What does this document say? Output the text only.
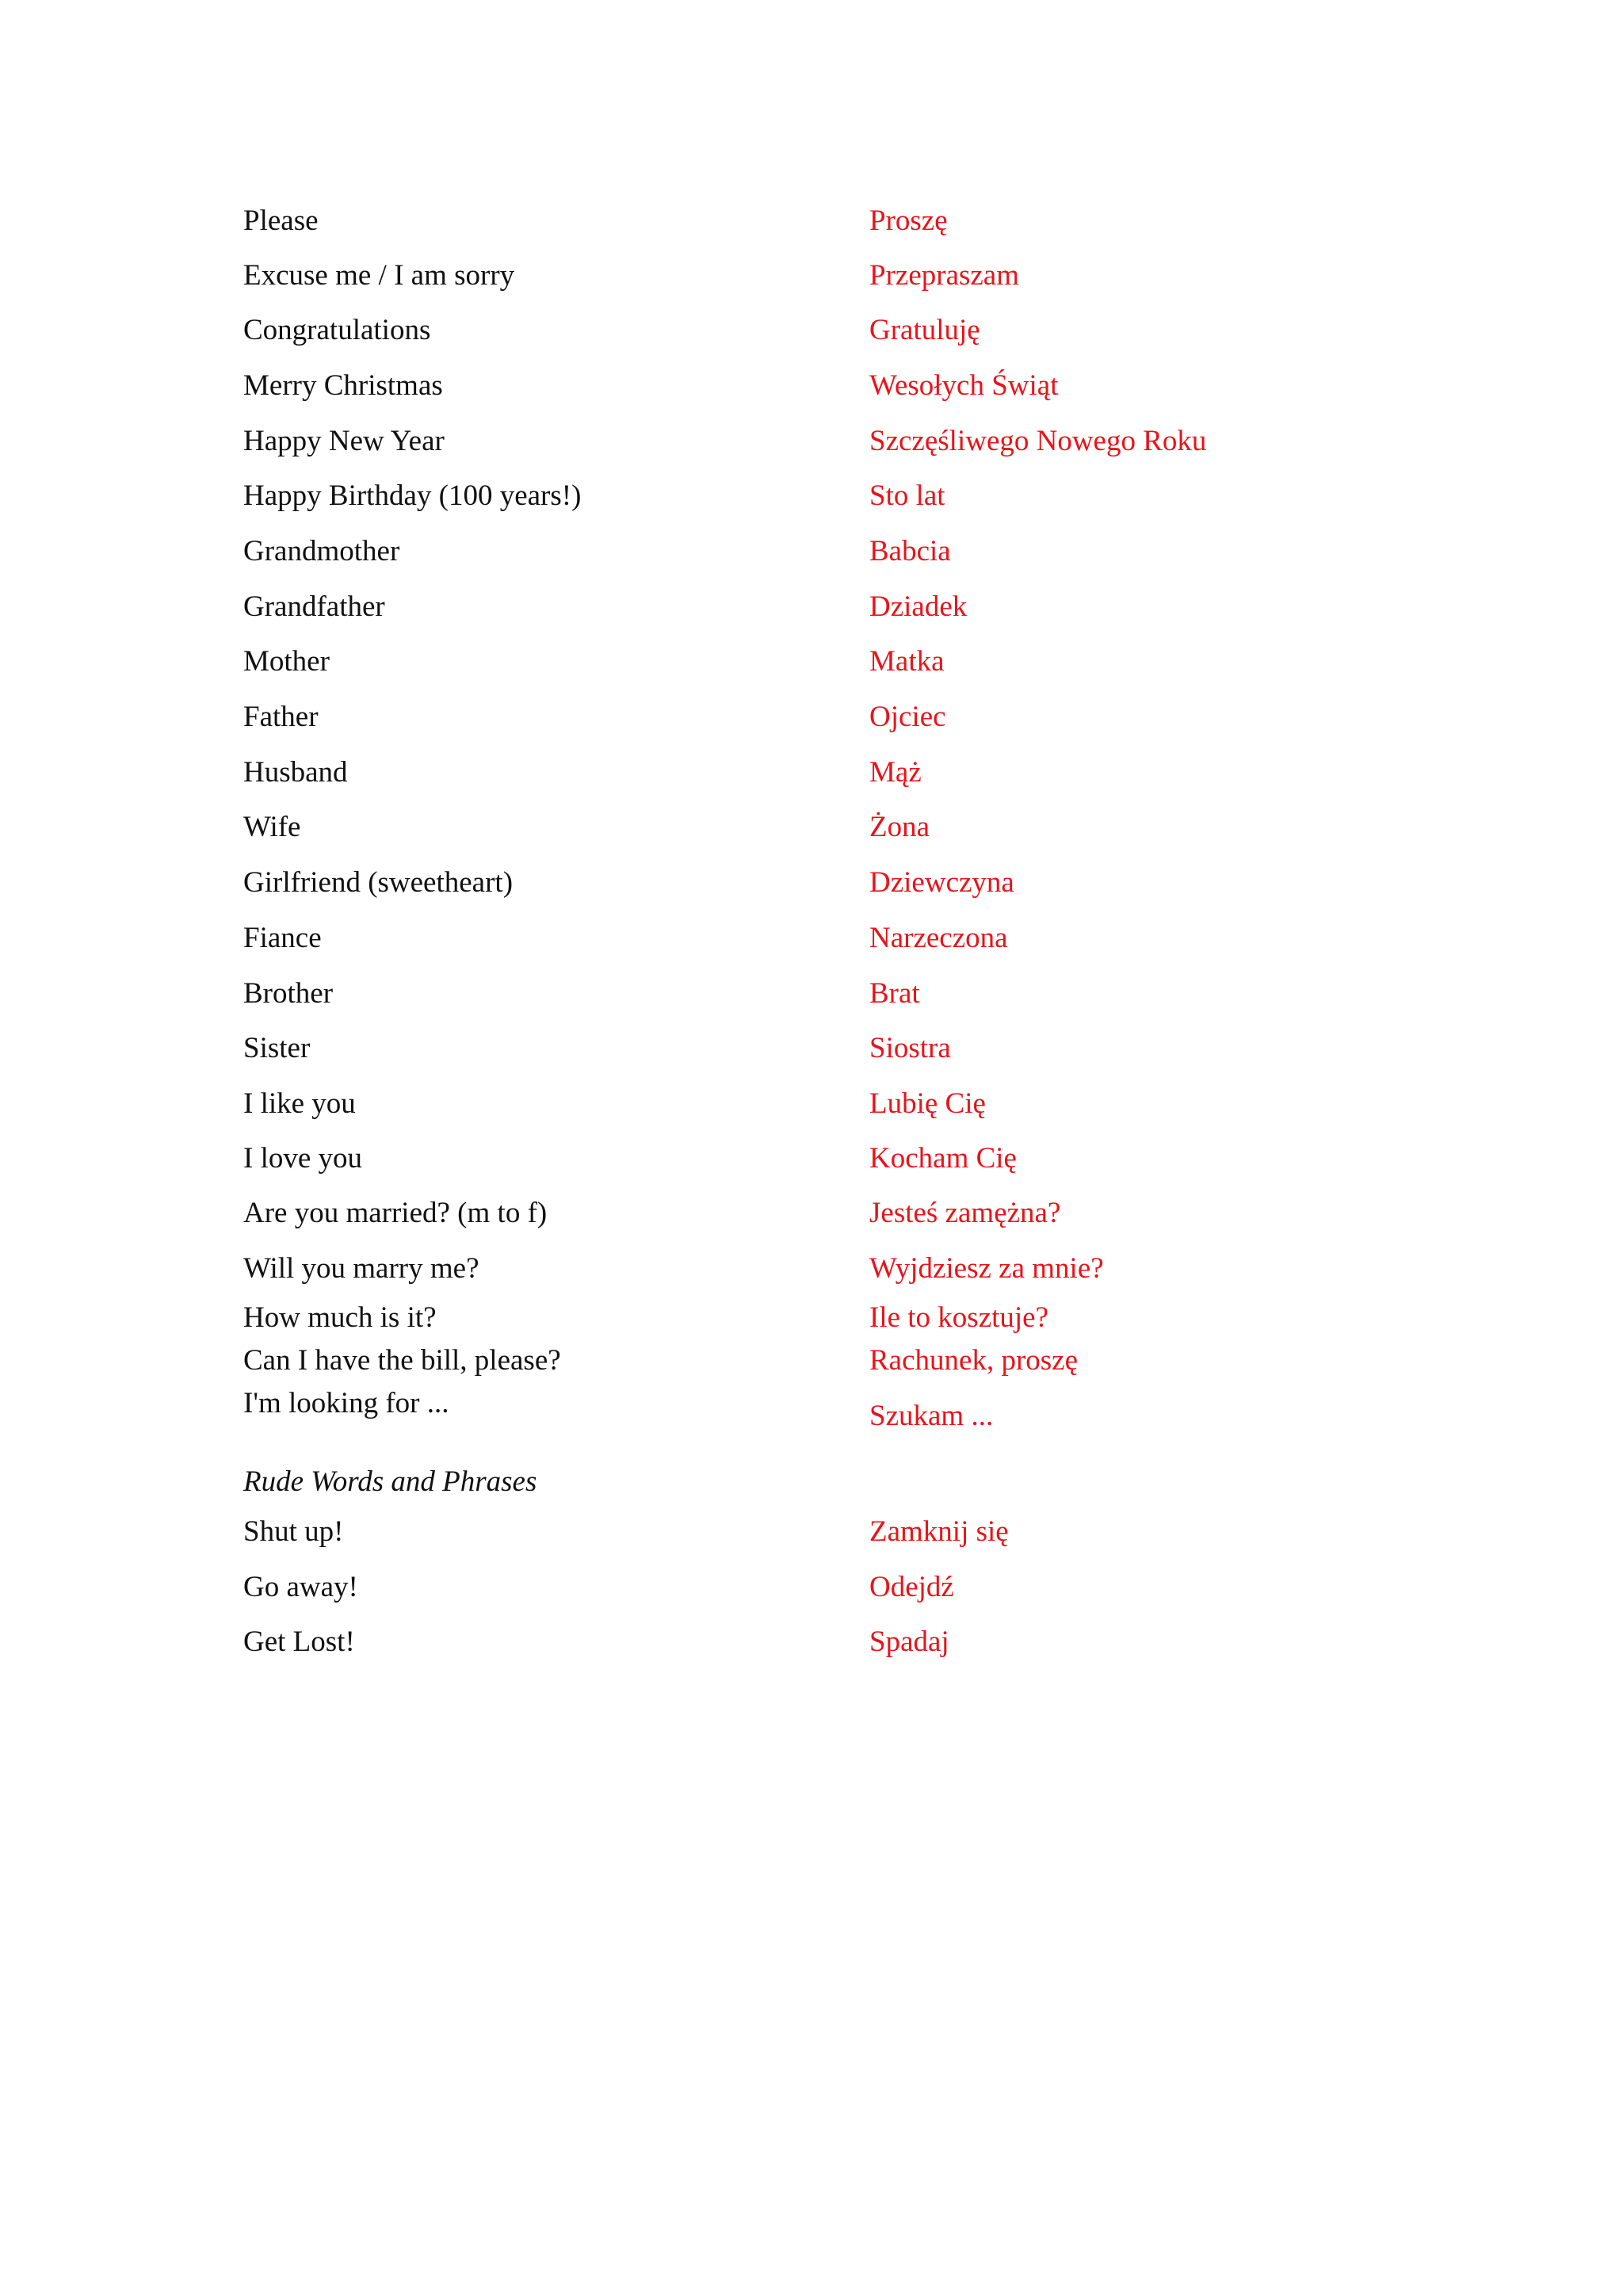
Please	Proszę
Excuse me / I am sorry	Przepraszam
Congratulations	Gratuluję
Merry Christmas	Wesołych Świąt
Happy New Year	Szczęśliwego Nowego Roku
Happy Birthday (100 years!)	Sto lat
Grandmother	Babcia
Grandfather	Dziadek
Mother	Matka
Father	Ojciec
Husband	Mąż
Wife	Żona
Girlfriend (sweetheart)	Dziewczyna
Fiance	Narzeczona
Brother	Brat
Sister	Siostra
I like you	Lubię Cię
I love you	Kocham Cię
Are you married? (m to f)	Jesteś zamężna?
Will you marry me?	Wyjdziesz za mnie?
How much is it?	Ile to kosztuje?
Can I have the bill, please?	Rachunek, proszę
I'm looking for ...	Szukam ...
Rude Words and Phrases
Shut up!	Zamknij się
Go away!	Odejdź
Get Lost!	Spadaj
